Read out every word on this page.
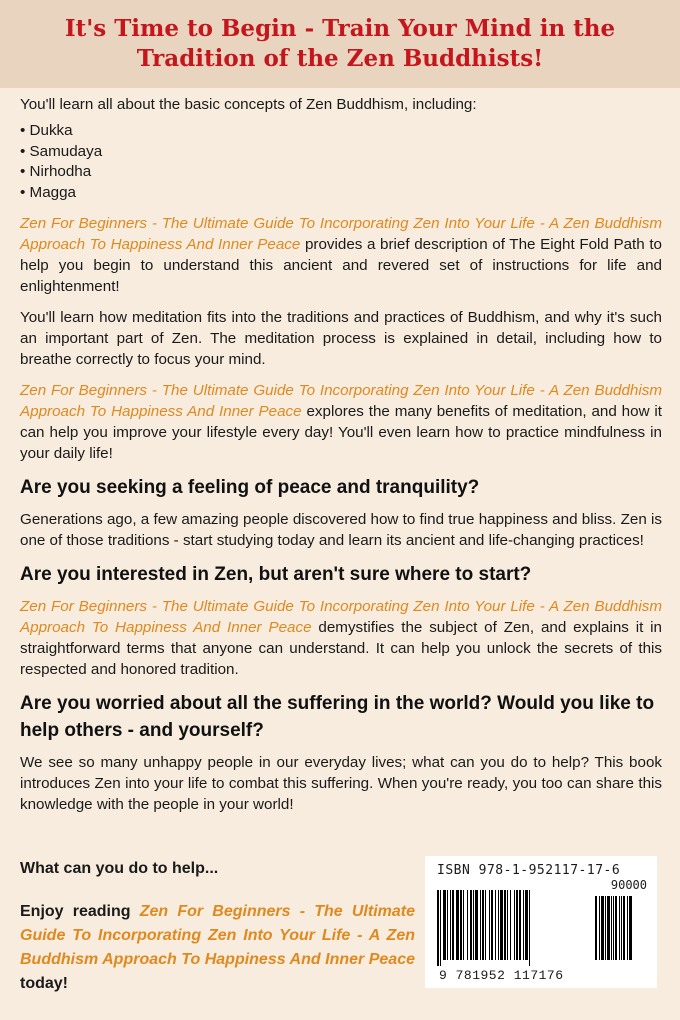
It's Time to Begin - Train Your Mind in the
Tradition of the Zen Buddhists!

You'll learn all about the basic concepts of Zen Buddhism, including:

• Dukka
• Samudaya
• Nirhodha
• Magga

Zen For Beginners - The Ultimate Guide To Incorporating Zen Into Your Life - A Zen Buddhism Approach To Happiness And Inner Peace provides a brief description of The Eight Fold Path to help you begin to understand this ancient and revered set of instructions for life and enlightenment!

You'll learn how meditation fits into the traditions and practices of Buddhism, and why it's such an important part of Zen. The meditation process is explained in detail, including how to breathe correctly to focus your mind.

Zen For Beginners - The Ultimate Guide To Incorporating Zen Into Your Life - A Zen Buddhism Approach To Happiness And Inner Peace explores the many benefits of meditation, and how it can help you improve your lifestyle every day! You'll even learn how to practice mindfulness in your daily life!

Are you seeking a feeling of peace and tranquility?

Generations ago, a few amazing people discovered how to find true happiness and bliss. Zen is one of those traditions - start studying today and learn its ancient and life-changing practices!

Are you interested in Zen, but aren't sure where to start?

Zen For Beginners - The Ultimate Guide To Incorporating Zen Into Your Life - A Zen Buddhism Approach To Happiness And Inner Peace demystifies the subject of Zen, and explains it in straightforward terms that anyone can understand. It can help you unlock the secrets of this respected and honored tradition.

Are you worried about all the suffering in the world? Would you like to help others - and yourself?

We see so many unhappy people in our everyday lives; what can you do to help? This book introduces Zen into your life to combat this suffering. When you're ready, you too can share this knowledge with the people in your world!

What can you do to help...

Enjoy reading Zen For Beginners - The Ultimate Guide To Incorporating Zen Into Your Life - A Zen Buddhism Approach To Happiness And Inner Peace today!

ISBN 978-1-952117-17-6
90000
9 781952 117176
